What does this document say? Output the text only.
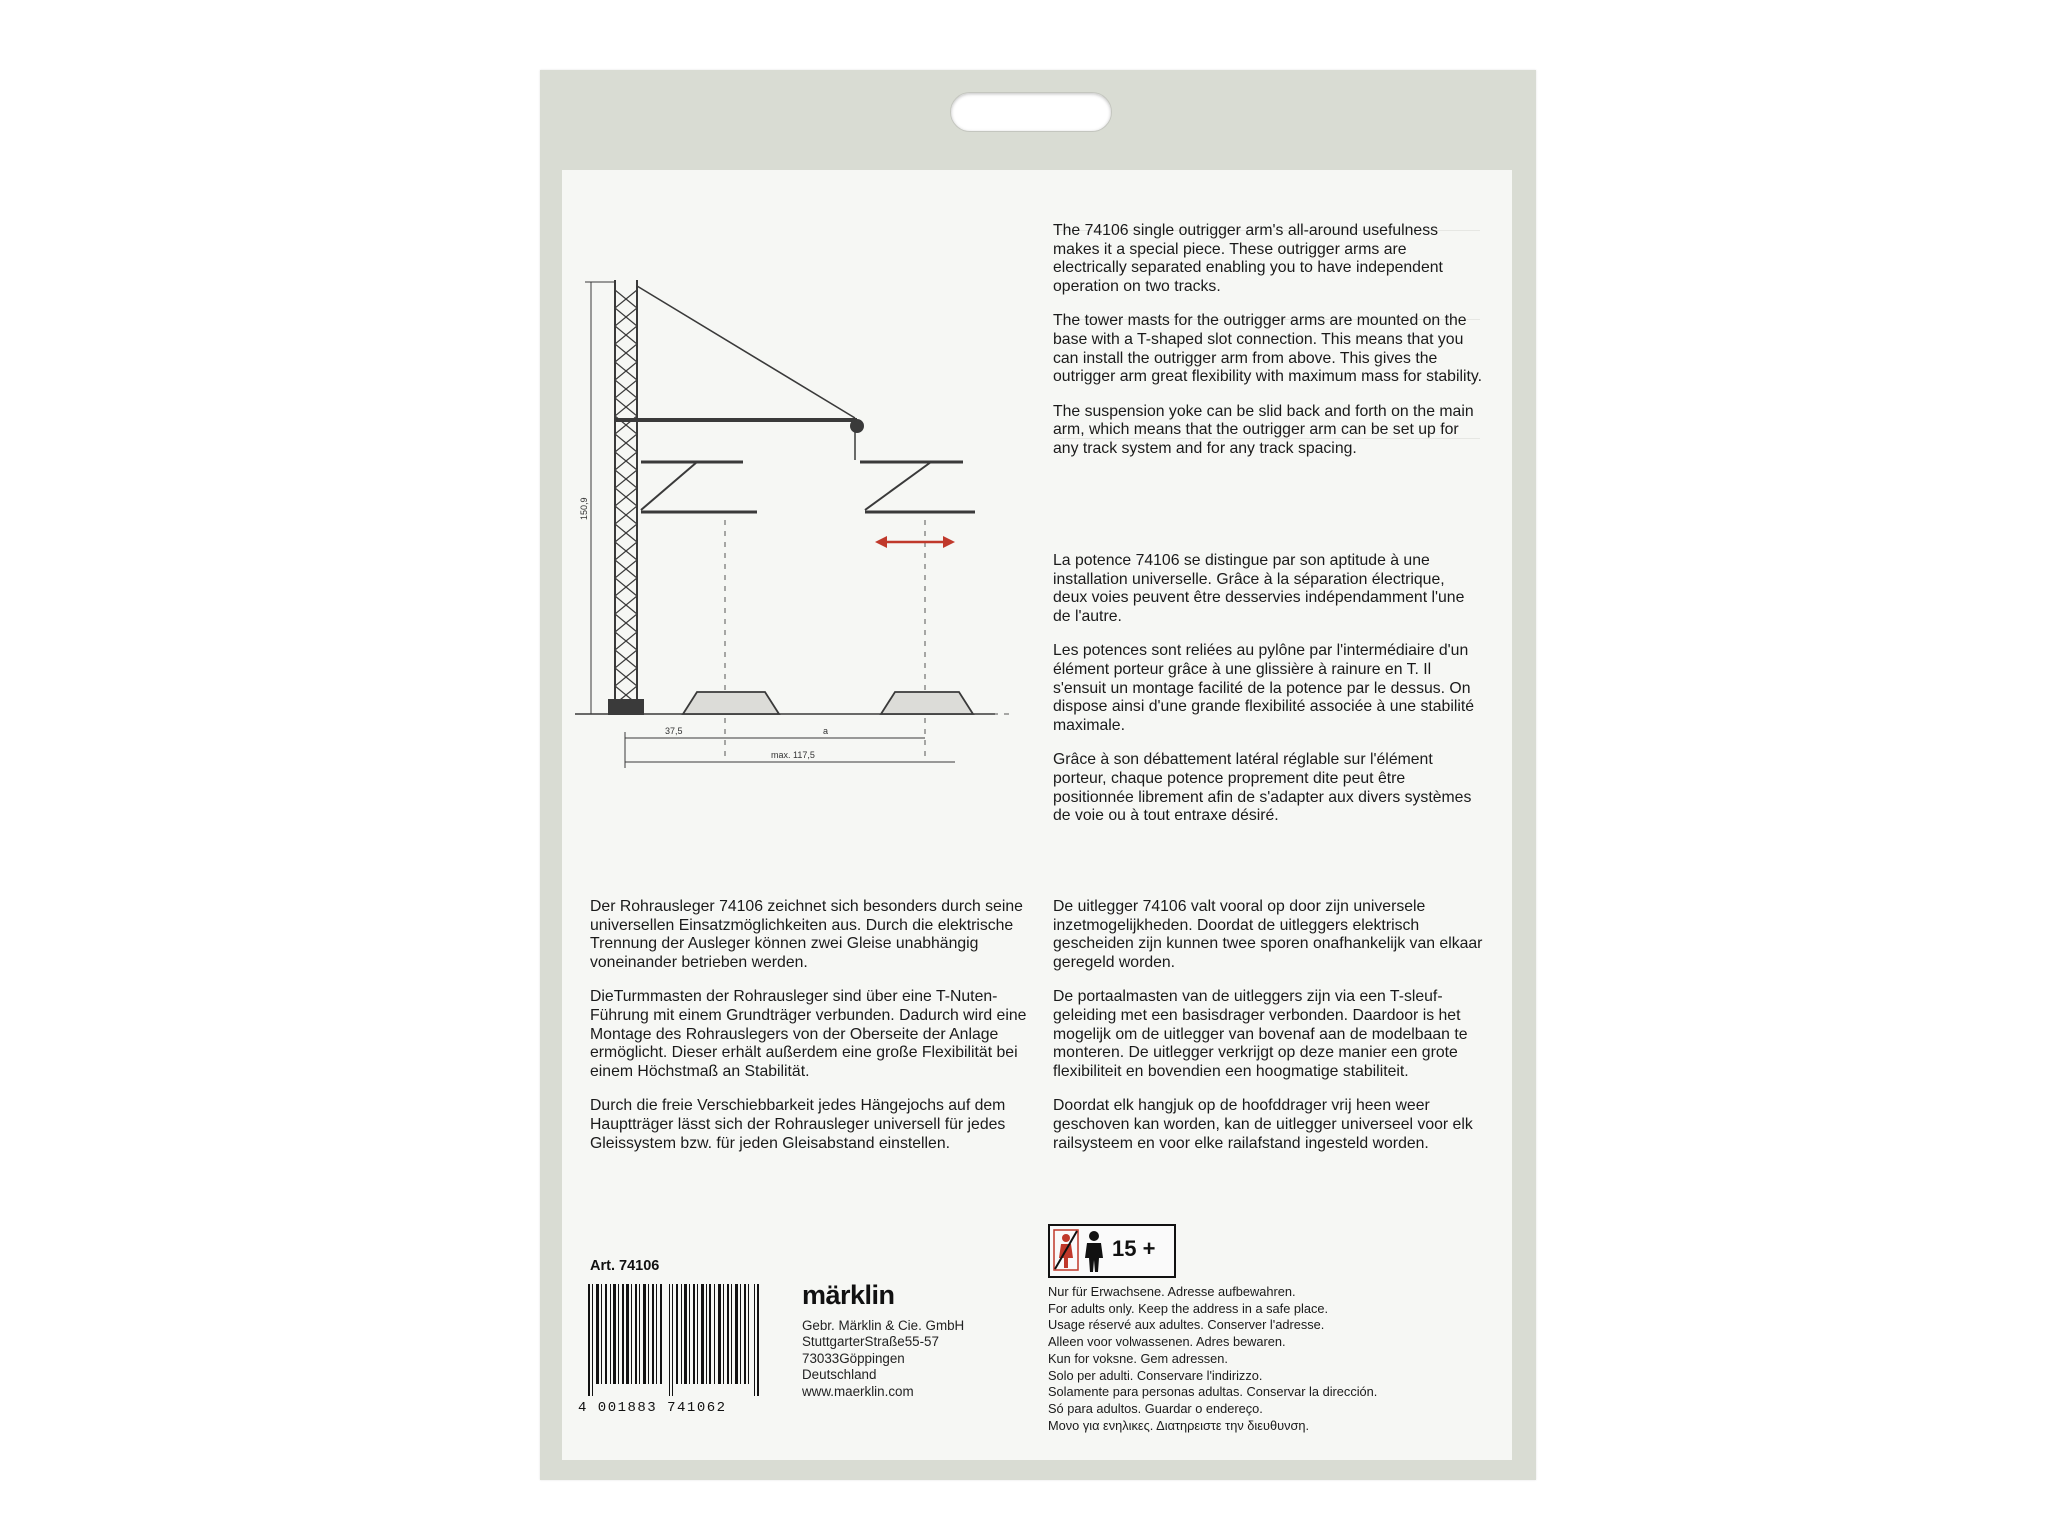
150,9
37,5	a
max. 117,5

The 74106 single outrigger arm's all-around usefulness makes it a special piece. These outrigger arms are electrically separated enabling you to have independent operation on two tracks.

The tower masts for the outrigger arms are mounted on the base with a T-shaped slot connection. This means that you can install the outrigger arm from above. This gives the outrigger arm great flexibility with maximum mass for stability.

The suspension yoke can be slid back and forth on the main arm, which means that the outrigger arm can be set up for any track system and for any track spacing.

La potence 74106 se distingue par son aptitude à une installation universelle. Grâce à la séparation électrique, deux voies peuvent être desservies indépendamment l'une de l'autre.

Les potences sont reliées au pylône par l'intermédiaire d'un élément porteur grâce à une glissière à rainure en T. Il s'ensuit un montage facilité de la potence par le dessus. On dispose ainsi d'une grande flexibilité associée à une stabilité maximale.

Grâce à son débattement latéral réglable sur l'élément porteur, chaque potence proprement dite peut être positionnée librement afin de s'adapter aux divers systèmes de voie ou à tout entraxe désiré.

Der Rohrausleger 74106 zeichnet sich besonders durch seine universellen Einsatzmöglichkeiten aus. Durch die elektrische Trennung der Ausleger können zwei Gleise unabhängig voneinander betrieben werden.

DieTurmmasten der Rohrausleger sind über eine T-Nuten-Führung mit einem Grundträger verbunden. Dadurch wird eine Montage des Rohrauslegers von der Oberseite der Anlage ermöglicht. Dieser erhält außerdem eine große Flexibilität bei einem Höchstmaß an Stabilität.

Durch die freie Verschiebbarkeit jedes Hängejochs auf dem Hauptträger lässt sich der Rohrausleger universell für jedes Gleissystem bzw. für jeden Gleisabstand einstellen.

De uitlegger 74106 valt vooral op door zijn universele inzetmogelijkheden. Doordat de uitleggers elektrisch gescheiden zijn kunnen twee sporen onafhankelijk van elkaar geregeld worden.

De portaalmasten van de uitleggers zijn via een T-sleuf-geleiding met een basisdrager verbonden. Daardoor is het mogelijk om de uitlegger van bovenaf aan de modelbaan te monteren. De uitlegger verkrijgt op deze manier een grote flexibiliteit en bovendien een hoogmatige stabiliteit.

Doordat elk hangjuk op de hoofddrager vrij heen weer geschoven kan worden, kan de uitlegger universeel voor elk railsysteem en voor elke railafstand ingesteld worden.

Art. 74106
4 001883 741062
märklin
Gebr. Märklin & Cie. GmbH
StuttgarterStraße55-57
73033Göppingen
Deutschland
www.maerklin.com
15 +
Nur für Erwachsene. Adresse aufbewahren.
For adults only. Keep the address in a safe place.
Usage réservé aux adultes. Conserver l'adresse.
Alleen voor volwassenen. Adres bewaren.
Kun for voksne. Gem adressen.
Solo per adulti. Conservare l'indirizzo.
Solamente para personas adultas. Conservar la dirección.
Só para adultos. Guardar o endereço.
Μονο για ενηλικες. Διατηρειστε την διευθυνση.
